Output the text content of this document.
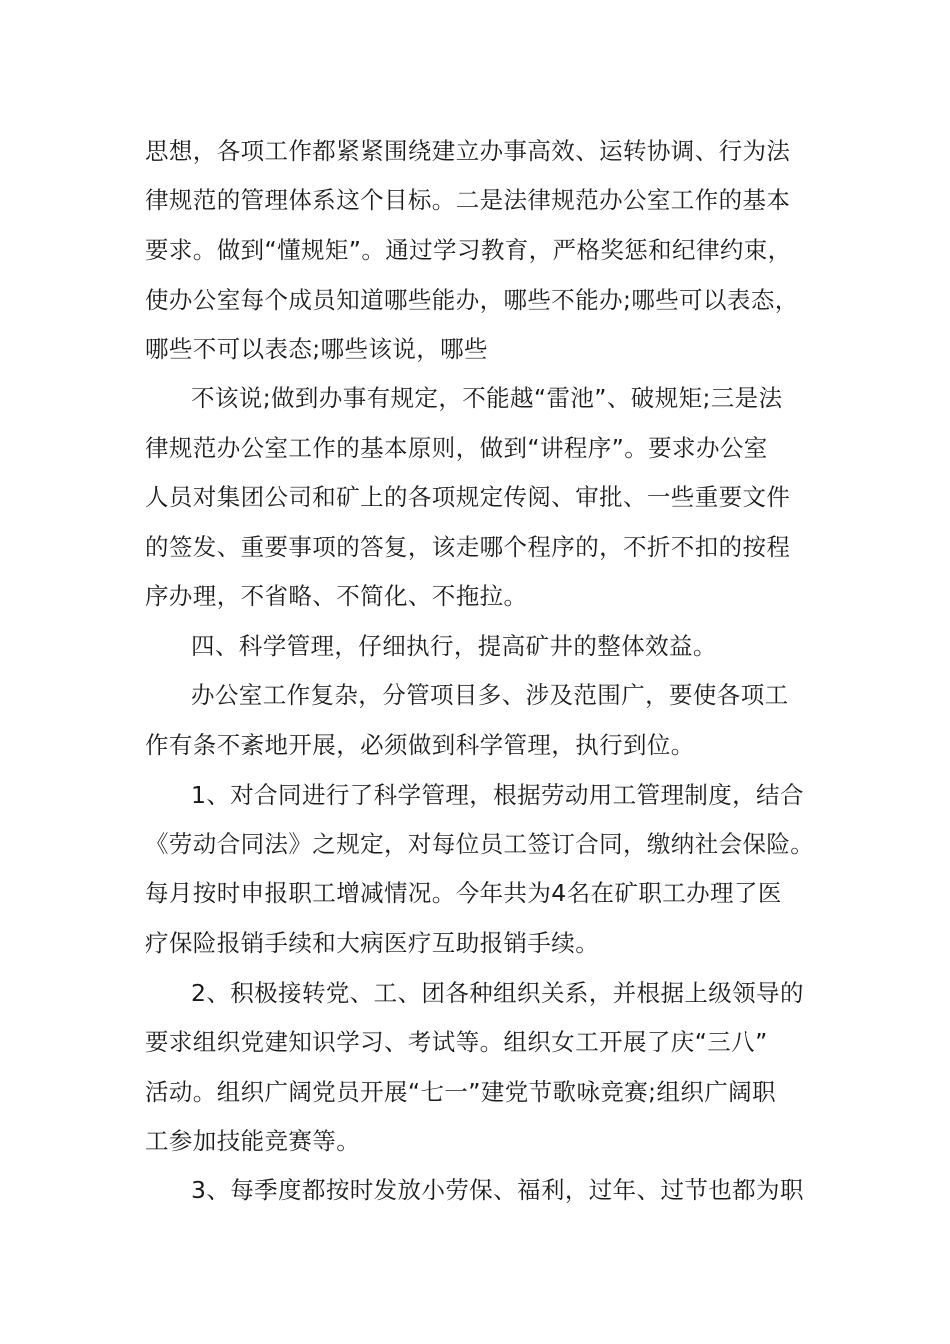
思想，各项工作都紧紧围绕建立办事高效、运转协调、行为法
律规范的管理体系这个目标。二是法律规范办公室工作的基本
要求。做到“懂规矩”。通过学习教育，严格奖惩和纪律约束，
使办公室每个成员知道哪些能办，哪些不能办;哪些可以表态，
哪些不可以表态;哪些该说，哪些
不该说;做到办事有规定，不能越“雷池”、破规矩;三是法
律规范办公室工作的基本原则，做到“讲程序”。要求办公室
人员对集团公司和矿上的各项规定传阅、审批、一些重要文件
的签发、重要事项的答复，该走哪个程序的，不折不扣的按程
序办理，不省略、不简化、不拖拉。
四、科学管理，仔细执行，提高矿井的整体效益。
办公室工作复杂，分管项目多、涉及范围广，要使各项工
作有条不紊地开展，必须做到科学管理，执行到位。
1、对合同进行了科学管理，根据劳动用工管理制度，结合
《劳动合同法》之规定，对每位员工签订合同，缴纳社会保险。
每月按时申报职工增减情况。今年共为4名在矿职工办理了医
疗保险报销手续和大病医疗互助报销手续。
2、积极接转党、工、团各种组织关系，并根据上级领导的
要求组织党建知识学习、考试等。组织女工开展了庆“三八”
活动。组织广阔党员开展“七一”建党节歌咏竞赛;组织广阔职
工参加技能竞赛等。
3、每季度都按时发放小劳保、福利，过年、过节也都为职
